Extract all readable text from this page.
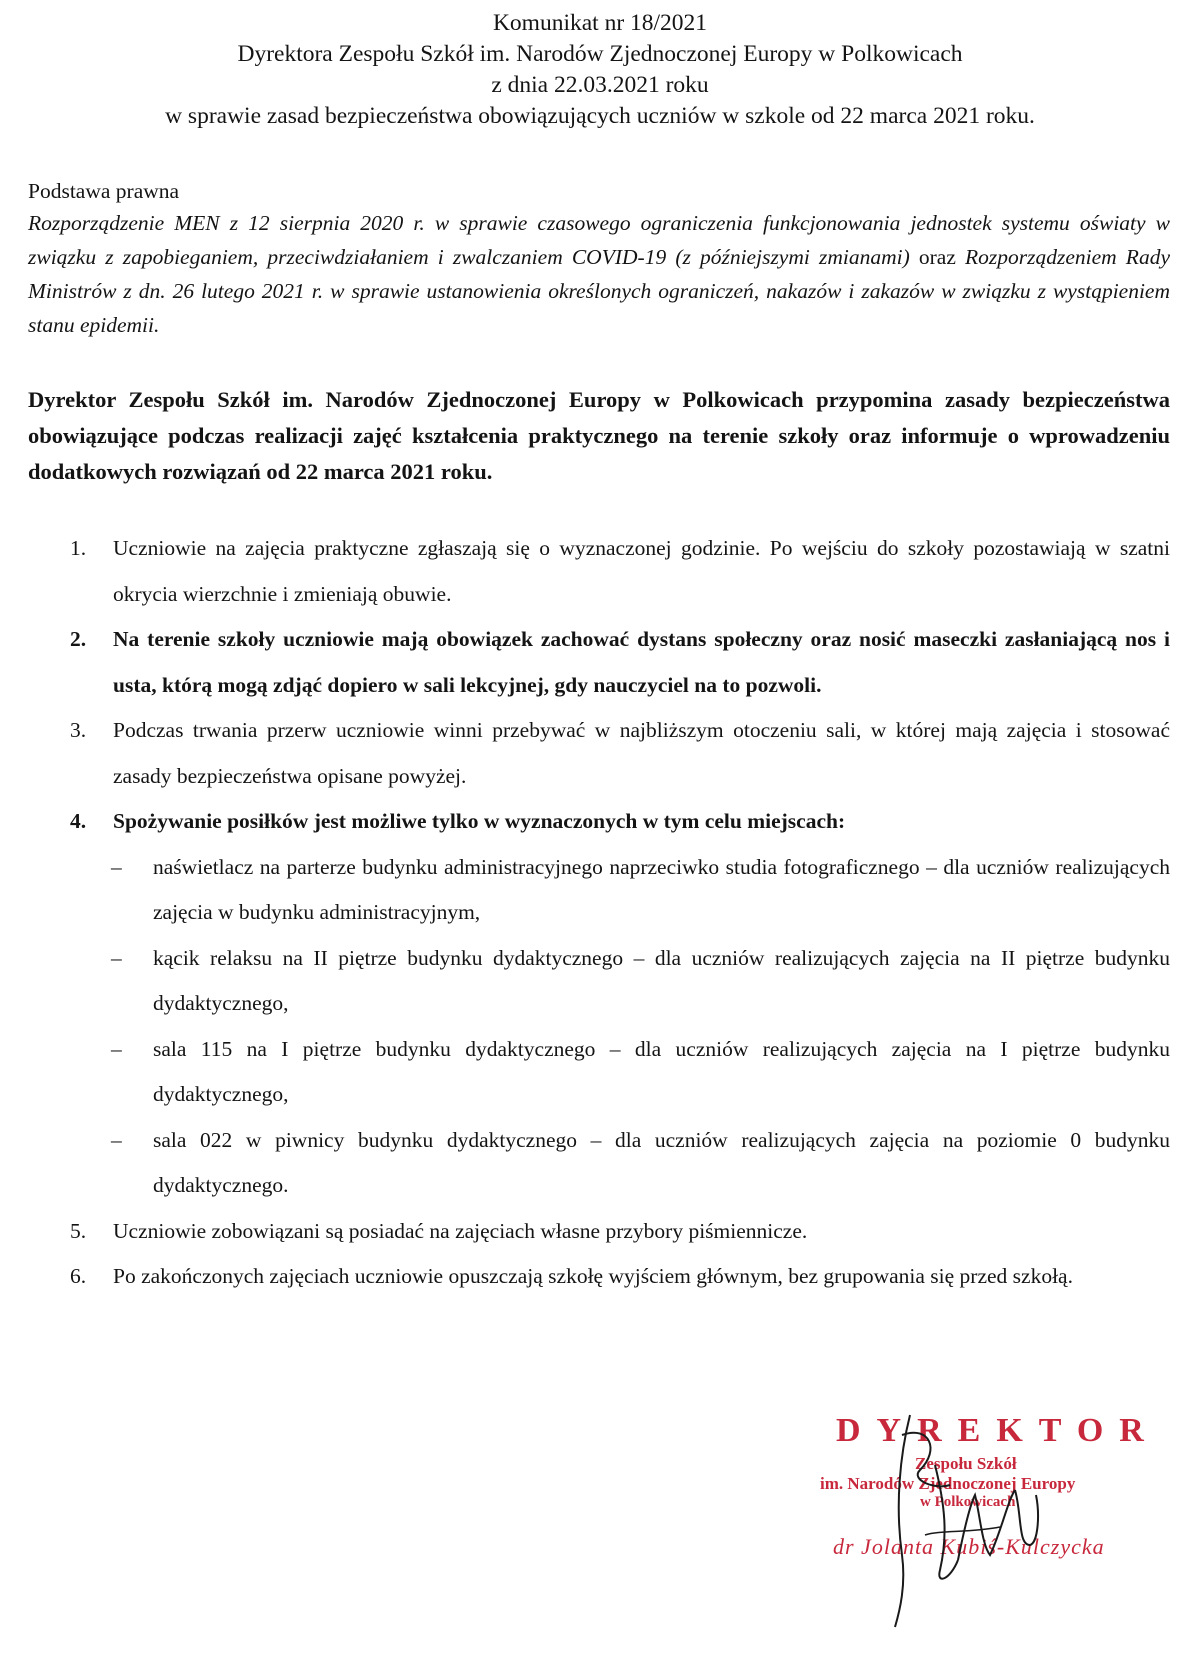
Komunikat nr 18/2021
Dyrektora Zespołu Szkół im. Narodów Zjednoczonej Europy w Polkowicach
z dnia 22.03.2021 roku
w sprawie zasad bezpieczeństwa obowiązujących uczniów w szkole od 22 marca 2021 roku.
Podstawa prawna
Rozporządzenie MEN z 12 sierpnia 2020 r. w sprawie czasowego ograniczenia funkcjonowania jednostek systemu oświaty w związku z zapobieganiem, przeciwdziałaniem i zwalczaniem COVID-19 (z późniejszymi zmianami) oraz Rozporządzeniem Rady Ministrów z dn. 26 lutego 2021 r. w sprawie ustanowienia określonych ograniczeń, nakazów i zakazów w związku z wystąpieniem stanu epidemii.
Dyrektor Zespołu Szkół im. Narodów Zjednoczonej Europy w Polkowicach przypomina zasady bezpieczeństwa obowiązujące podczas realizacji zajęć kształcenia praktycznego na terenie szkoły oraz informuje o wprowadzeniu dodatkowych rozwiązań od 22 marca 2021 roku.
1.	Uczniowie na zajęcia praktyczne zgłaszają się o wyznaczonej godzinie. Po wejściu do szkoły pozostawiają w szatni okrycia wierzchnie i zmieniają obuwie.
2.	Na terenie szkoły uczniowie mają obowiązek zachować dystans społeczny oraz nosić maseczki zasłaniającą nos i usta, którą mogą zdjąć dopiero w sali lekcyjnej, gdy nauczyciel na to pozwoli.
3.	Podczas trwania przerw uczniowie winni przebywać w najbliższym otoczeniu sali, w której mają zajęcia i stosować zasady bezpieczeństwa opisane powyżej.
4.	Spożywanie posiłków jest możliwe tylko w wyznaczonych w tym celu miejscach:
– naświetlacz na parterze budynku administracyjnego naprzeciwko studia fotograficznego – dla uczniów realizujących zajęcia w budynku administracyjnym,
– kącik relaksu na II piętrze budynku dydaktycznego – dla uczniów realizujących zajęcia na II piętrze budynku dydaktycznego,
– sala 115 na I piętrze budynku dydaktycznego – dla uczniów realizujących zajęcia na I piętrze budynku dydaktycznego,
– sala 022 w piwnicy budynku dydaktycznego – dla uczniów realizujących zajęcia na poziomie 0 budynku dydaktycznego.
5.	Uczniowie zobowiązani są posiadać na zajęciach własne przybory piśmiennicze.
6.	Po zakończonych zajęciach uczniowie opuszczają szkołę wyjściem głównym, bez grupowania się przed szkołą.
DYREKTOR
Zespołu Szkół
im. Narodów Zjednoczonej Europy
w Polkowicach
dr Jolanta Kubiś-Kulczycka
